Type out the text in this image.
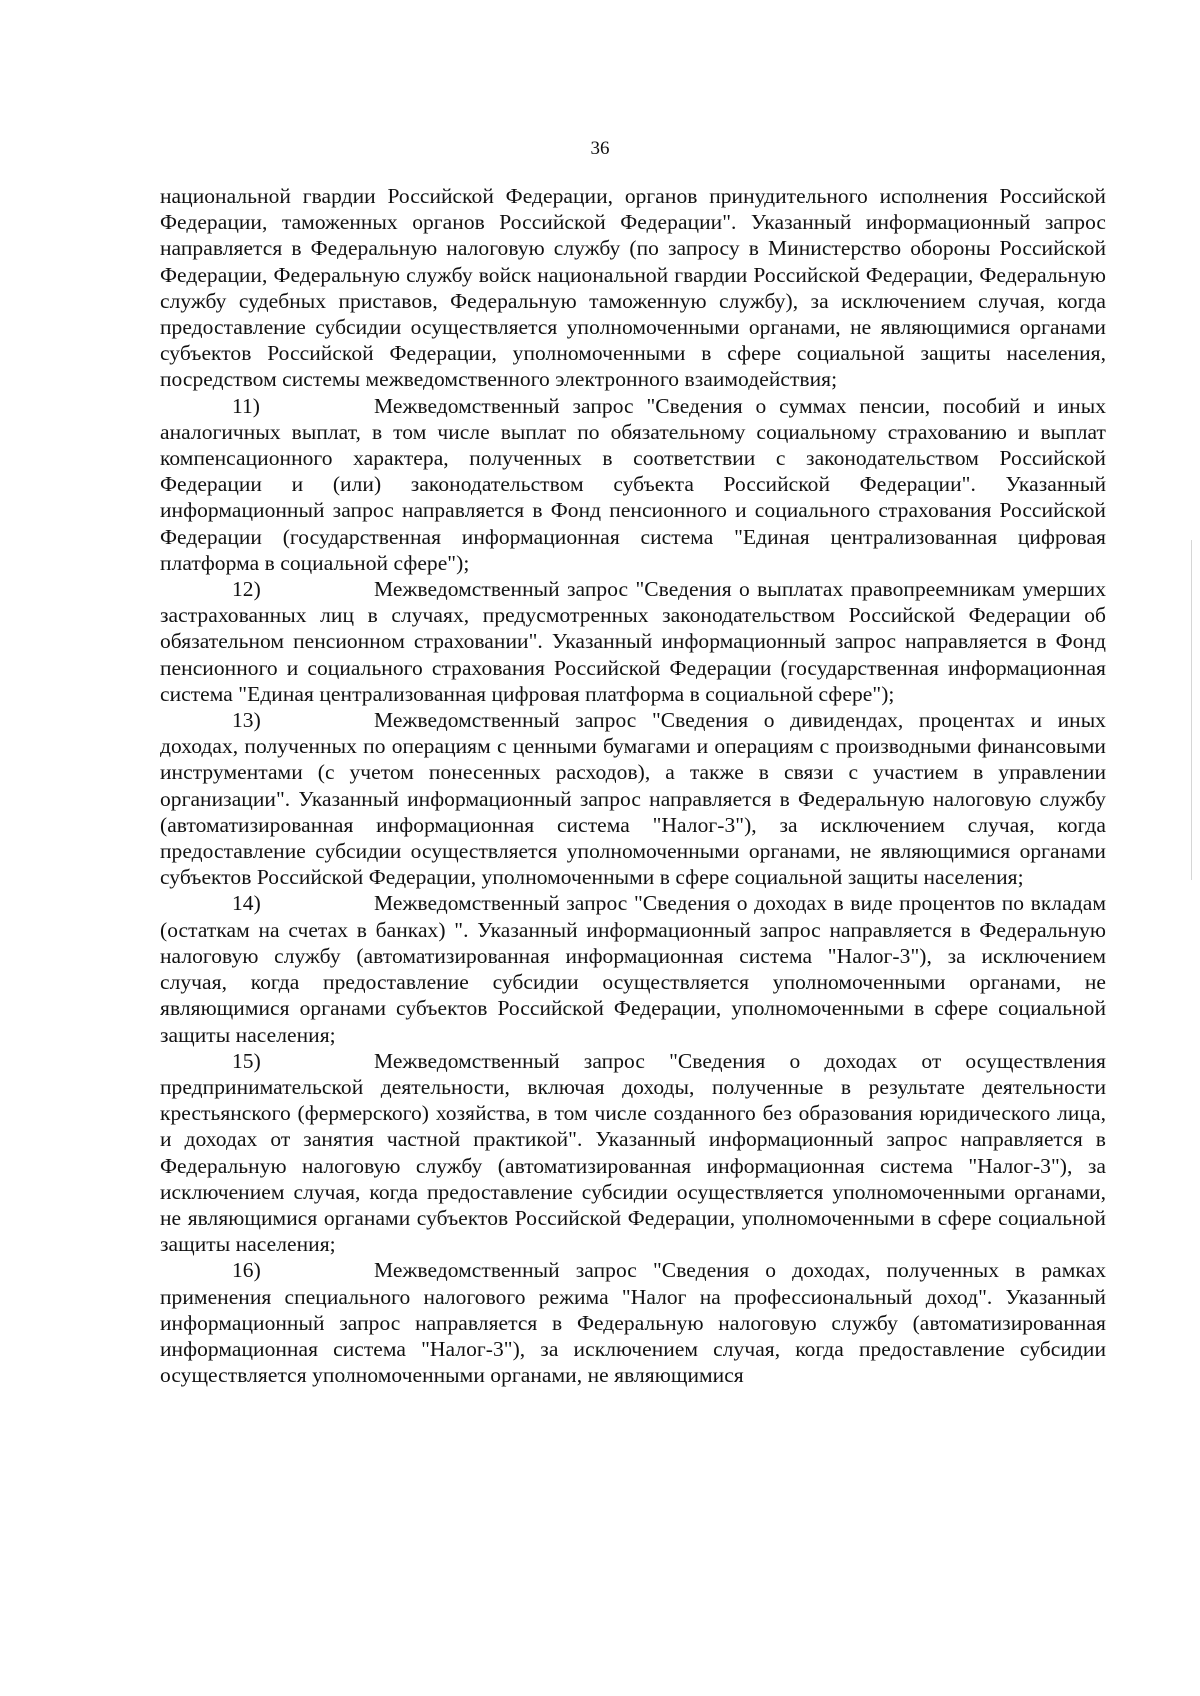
36

национальной гвардии Российской Федерации, органов принудительного исполнения Российской Федерации, таможенных органов Российской Федерации". Указанный информационный запрос направляется в Федеральную налоговую службу (по запросу в Министерство обороны Российской Федерации, Федеральную службу войск национальной гвардии Российской Федерации, Федеральную службу судебных приставов, Федеральную таможенную службу), за исключением случая, когда предоставление субсидии осуществляется уполномоченными органами, не являющимися органами субъектов Российской Федерации, уполномоченными в сфере социальной защиты населения, посредством системы межведомственного электронного взаимодействия;

11)	Межведомственный запрос "Сведения о суммах пенсии, пособий и иных аналогичных выплат, в том числе выплат по обязательному социальному страхованию и выплат компенсационного характера, полученных в соответствии с законодательством Российской Федерации и (или) законодательством субъекта Российской Федерации". Указанный информационный запрос направляется в Фонд пенсионного и социального страхования Российской Федерации (государственная информационная система "Единая централизованная цифровая платформа в социальной сфере");

12)	Межведомственный запрос "Сведения о выплатах правопреемникам умерших застрахованных лиц в случаях, предусмотренных законодательством Российской Федерации об обязательном пенсионном страховании". Указанный информационный запрос направляется в Фонд пенсионного и социального страхования Российской Федерации (государственная информационная система "Единая централизованная цифровая платформа в социальной сфере");

13)	Межведомственный запрос "Сведения о дивидендах, процентах и иных доходах, полученных по операциям с ценными бумагами и операциям с производными финансовыми инструментами (с учетом понесенных расходов), а также в связи с участием в управлении организации". Указанный информационный запрос направляется в Федеральную налоговую службу (автоматизированная информационная система "Налог-3"), за исключением случая, когда предоставление субсидии осуществляется уполномоченными органами, не являющимися органами субъектов Российской Федерации, уполномоченными в сфере социальной защиты населения;

14)	Межведомственный запрос "Сведения о доходах в виде процентов по вкладам (остаткам на счетах в банках) ". Указанный информационный запрос направляется в Федеральную налоговую службу (автоматизированная информационная система "Налог-3"), за исключением случая, когда предоставление субсидии осуществляется уполномоченными органами, не являющимися органами субъектов Российской Федерации, уполномоченными в сфере социальной защиты населения;

15)	Межведомственный запрос "Сведения о доходах от осуществления предпринимательской деятельности, включая доходы, полученные в результате деятельности крестьянского (фермерского) хозяйства, в том числе созданного без образования юридического лица, и доходах от занятия частной практикой". Указанный информационный запрос направляется в Федеральную налоговую службу (автоматизированная информационная система "Налог-3"), за исключением случая, когда предоставление субсидии осуществляется уполномоченными органами, не являющимися органами субъектов Российской Федерации, уполномоченными в сфере социальной защиты населения;

16)	Межведомственный запрос "Сведения о доходах, полученных в рамках применения специального налогового режима "Налог на профессиональный доход". Указанный информационный запрос направляется в Федеральную налоговую службу (автоматизированная информационная система "Налог-3"), за исключением случая, когда предоставление субсидии осуществляется уполномоченными органами, не являющимися
